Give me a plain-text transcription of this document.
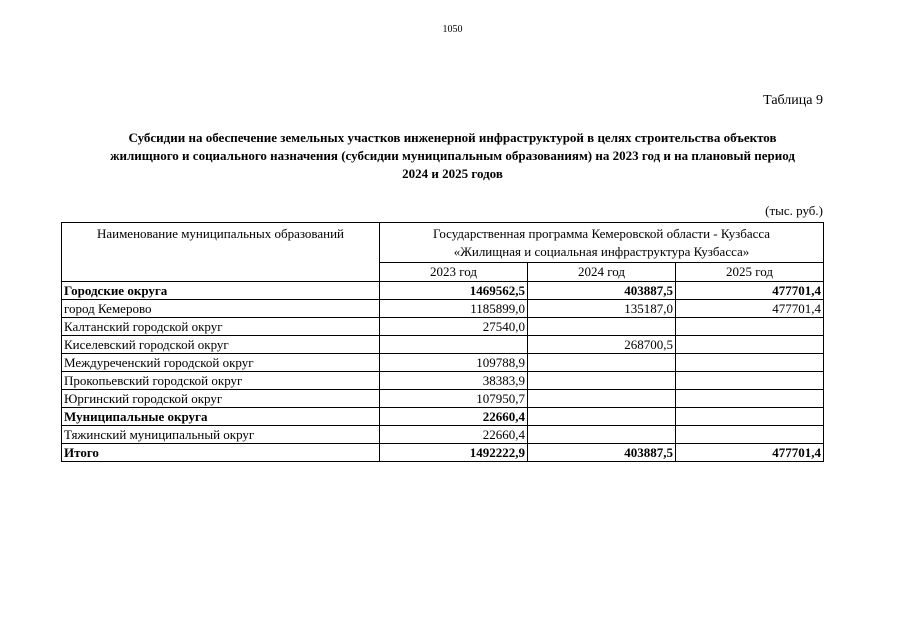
1050
Таблица 9
Субсидии на обеспечение земельных участков инженерной инфраструктурой в целях строительства объектов
жилищного и социального назначения (субсидии муниципальным образованиям) на 2023 год и на плановый период
2024 и 2025 годов
(тыс. руб.)
Наименование муниципальных образований	Государственная программа Кемеровской области - Кузбасса
«Жилищная и социальная инфраструктура Кузбасса»		

	2023 год	2024 год	2025 год
Городские округа	1469562,5	403887,5	477701,4
город Кемерово	1185899,0	135187,0	477701,4
Калтанский городской округ	27540,0		
Киселевский городской округ		268700,5	
Междуреченский городской округ	109788,9		
Прокопьевский городской округ	38383,9		
Юргинский городской округ	107950,7		
Муниципальные округа	22660,4		
Тяжинский муниципальный округ	22660,4		
Итого	1492222,9	403887,5	477701,4
